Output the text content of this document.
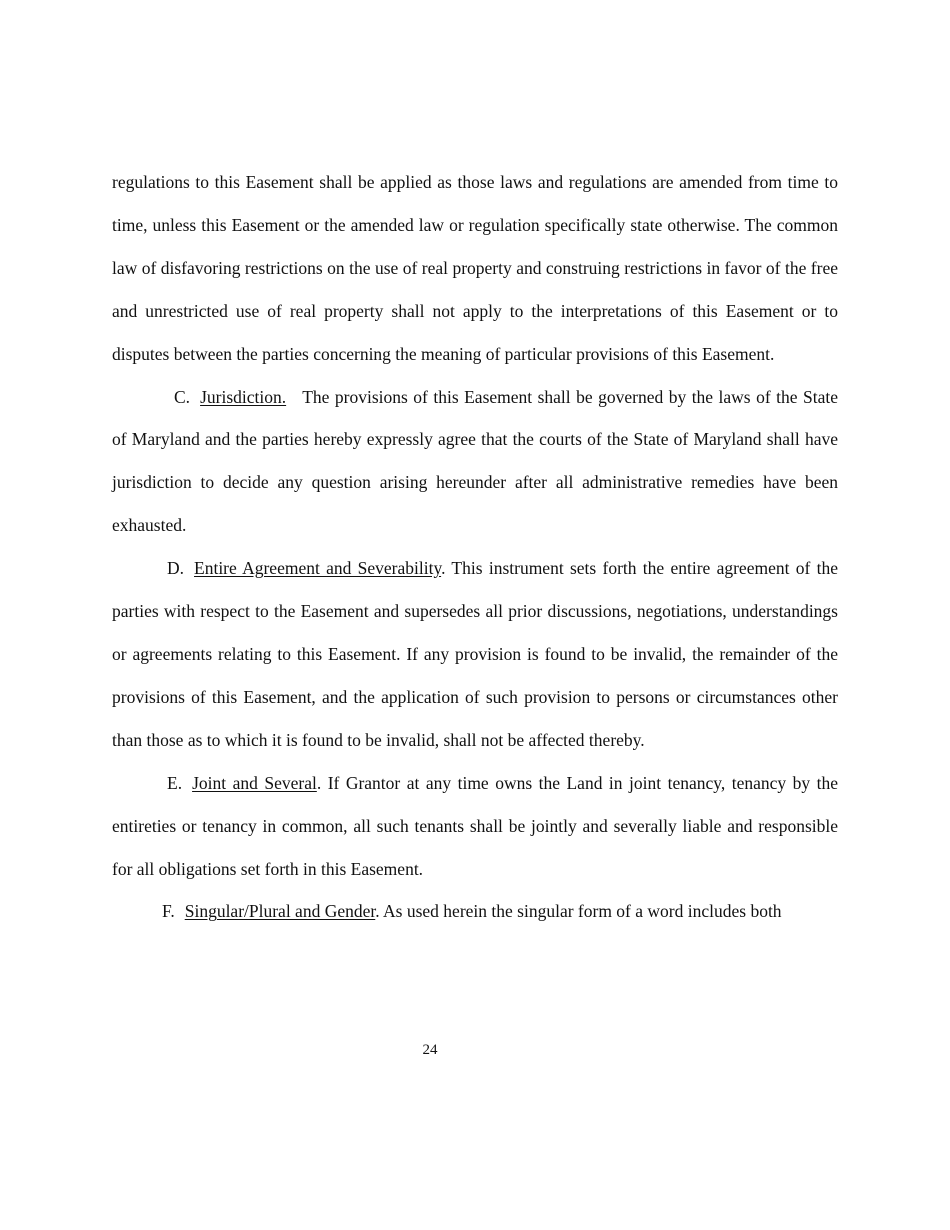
regulations to this Easement shall be applied as those laws and regulations are amended from time to time, unless this Easement or the amended law or regulation specifically state otherwise. The common law of disfavoring restrictions on the use of real property and construing restrictions in favor of the free and unrestricted use of real property shall not apply to the interpretations of this Easement or to disputes between the parties concerning the meaning of particular provisions of this Easement.

C. Jurisdiction. The provisions of this Easement shall be governed by the laws of the State of Maryland and the parties hereby expressly agree that the courts of the State of Maryland shall have jurisdiction to decide any question arising hereunder after all administrative remedies have been exhausted.

D. Entire Agreement and Severability. This instrument sets forth the entire agreement of the parties with respect to the Easement and supersedes all prior discussions, negotiations, understandings or agreements relating to this Easement. If any provision is found to be invalid, the remainder of the provisions of this Easement, and the application of such provision to persons or circumstances other than those as to which it is found to be invalid, shall not be affected thereby.

E. Joint and Several. If Grantor at any time owns the Land in joint tenancy, tenancy by the entireties or tenancy in common, all such tenants shall be jointly and severally liable and responsible for all obligations set forth in this Easement.

F. Singular/Plural and Gender. As used herein the singular form of a word includes both

24
